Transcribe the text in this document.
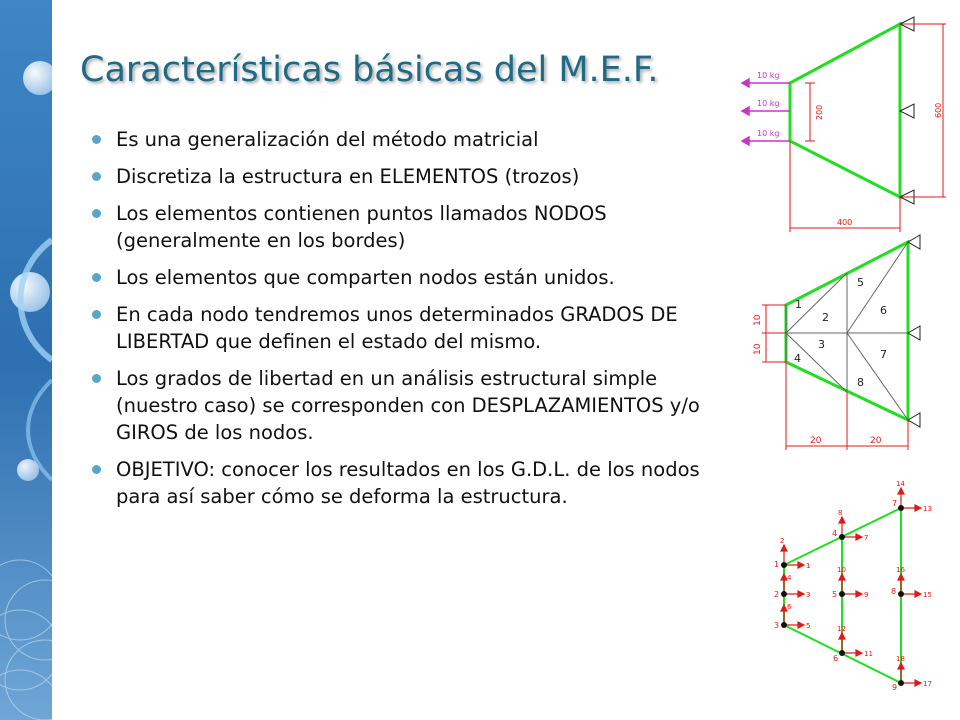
Características básicas del M.E.F.
Es una generalización del método matricial
Discretiza la estructura en ELEMENTOS (trozos)
Los elementos contienen puntos llamados NODOS (generalmente en los bordes)
Los elementos que comparten nodos están unidos.
En cada nodo tendremos unos determinados GRADOS DE LIBERTAD que definen el estado del mismo.
Los grados de libertad en un análisis estructural simple (nuestro caso) se corresponden con DESPLAZAMIENTOS y/o GIROS de los nodos.
OBJETIVO: conocer los resultados en los G.D.L. de los nodos para así saber cómo se deforma la estructura.
10 kg
10 kg
10 kg
200	600
400
1
2
3
4
5
6
7
8
10
10
20	20
1
2
3
4
5
6
7
8
9
1
2
3
4
5
6
7
8
9
10
11
12
13
14
15
16
17
18
